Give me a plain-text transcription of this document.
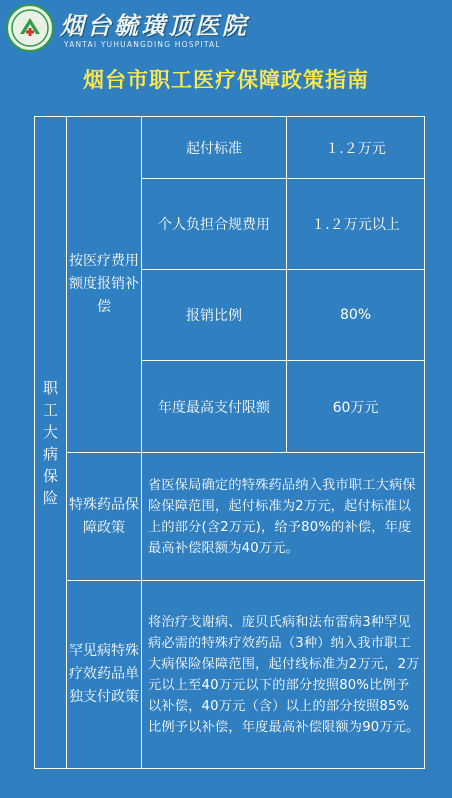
烟台毓璜顶医院
YANTAI YUHUANGDING HOSPITAL
烟台市职工医疗保障政策指南
职工大病保险	按医疗费用额度报销补偿	起付标准	１.２万元
		个人负担合规费用	１.２万元以上
		报销比例	80%
		年度最高支付限额	60万元
	特殊药品保障政策	省医保局确定的特殊药品纳入我市职工大病保险保障范围，起付标准为2万元，起付标准以上的部分(含2万元)，给予80%的补偿，年度最高补偿限额为40万元。	
	罕见病特殊疗效药品单独支付政策	将治疗戈谢病、庞贝氏病和法布雷病3种罕见病必需的特殊疗效药品（3种）纳入我市职工大病保险保障范围，起付线标准为2万元，2万元以上至40万元以下的部分按照80%比例予以补偿，40万元（含）以上的部分按照85%比例予以补偿，年度最高补偿限额为90万元。	
